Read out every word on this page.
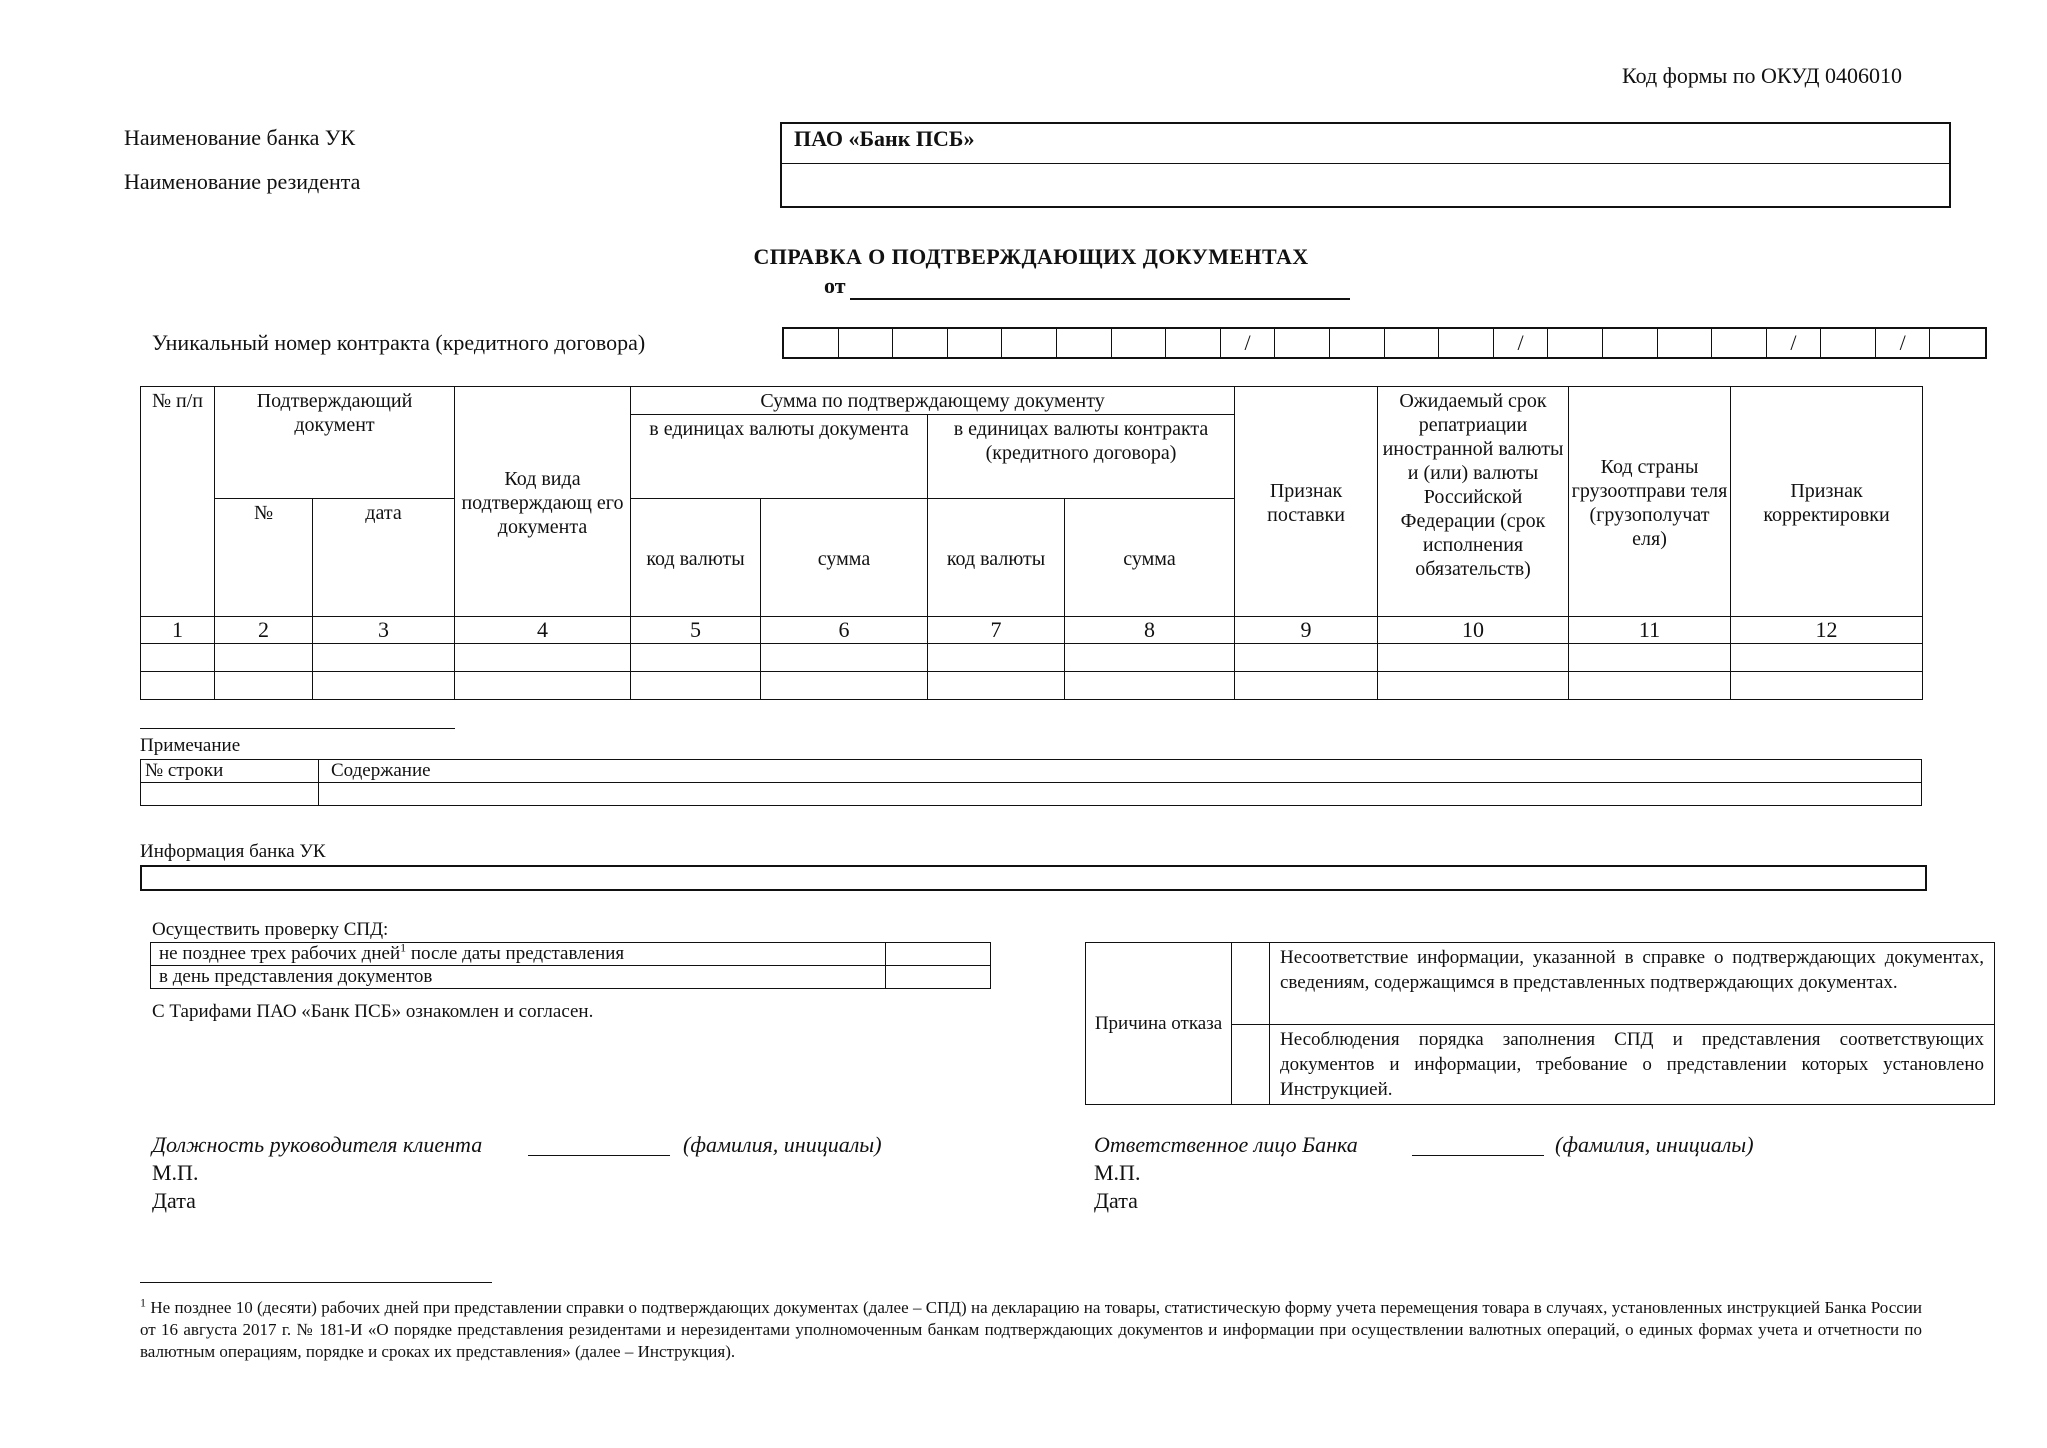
Код формы по ОКУД 0406010
Наименование банка УК
Наименование резидента
ПАО «Банк ПСБ»
СПРАВКА О ПОДТВЕРЖДАЮЩИХ ДОКУМЕНТАХ
от
Уникальный номер контракта (кредитного договора)	/	/	/	/
№ п/п	Подтверждающий документ		Код вида подтверждающ его документа	Сумма по подтверждающему документу				Признак поставки	Ожидаемый срок репатриации иностранной валюты и (или) валюты Российской Федерации (срок исполнения обязательств)	Код страны грузоотправи теля (грузополучат еля)	Признак корректировки
				в единицах валюты документа		в единицах валюты контракта (кредитного договора)					
	№	дата		код валюты	сумма	код валюты	сумма				
1	2	3	4	5	6	7	8	9	10	11	12

Примечание
№ строки	Содержание

Информация банка УК
Осуществить проверку СПД:
не позднее трех рабочих дней$^1$ после даты представления	
в день представления документов	
С Тарифами ПАО «Банк ПСБ» ознакомлен и согласен.
Причина отказа		Несоответствие информации, указанной в справке о подтверждающих документах, сведениям, содержащимся в представленных подтверждающих документах.
		Несоблюдения порядка заполнения СПД и представления соответствующих документов и информации, требование о представлении которых установлено Инструкцией.
Должность руководителя клиента	(фамилия, инициалы)
М.П.
Дата
Ответственное лицо Банка	(фамилия, инициалы)
М.П.
Дата
$^1$ Не позднее 10 (десяти) рабочих дней при представлении справки о подтверждающих документах (далее – СПД) на декларацию на товары, статистическую форму учета перемещения товара в случаях, установленных инструкцией Банка России от 16 августа 2017 г. № 181-И «О порядке представления резидентами и нерезидентами уполномоченным банкам подтверждающих документов и информации при осуществлении валютных операций, о единых формах учета и отчетности по валютным операциям, порядке и сроках их представления» (далее – Инструкция).
